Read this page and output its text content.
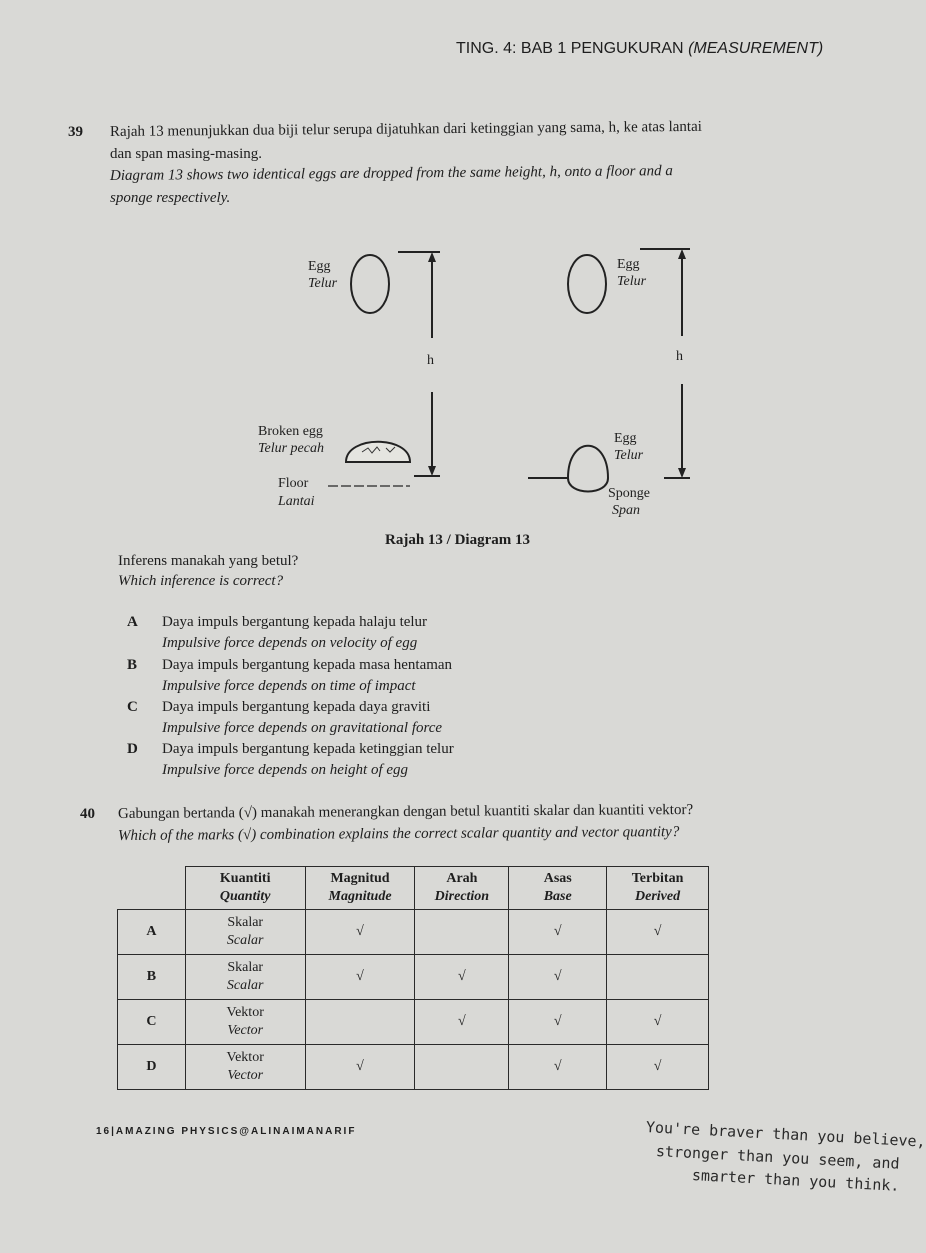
TING. 4: BAB 1 PENGUKURAN (MEASUREMENT)
39 Rajah 13 menunjukkan dua biji telur serupa dijatuhkan dari ketinggian yang sama, h, ke atas lantai
dan span masing-masing.
Diagram 13 shows two identical eggs are dropped from the same height, h, onto a floor and a
sponge respectively.
Egg
Telur
h
Broken egg
Telur pecah
Floor
Lantai
Egg
Telur
h
Egg
Telur
Sponge
Span
Rajah 13 / Diagram 13
Inferens manakah yang betul?
Which inference is correct?
A Daya impuls bergantung kepada halaju telur
Impulsive force depends on velocity of egg
B Daya impuls bergantung kepada masa hentaman
Impulsive force depends on time of impact
C Daya impuls bergantung kepada daya graviti
Impulsive force depends on gravitational force
D Daya impuls bergantung kepada ketinggian telur
Impulsive force depends on height of egg
40 Gabungan bertanda (√) manakah menerangkan dengan betul kuantiti skalar dan kuantiti vektor?
Which of the marks (√) combination explains the correct scalar quantity and vector quantity?
	Kuantiti
Quantity	Magnitud
Magnitude	Arah
Direction	Asas
Base	Terbitan
Derived
A	Skalar
Scalar	√		√	√
B	Skalar
Scalar	√	√	√	
C	Vektor
Vector		√	√	√
D	Vektor
Vector	√		√	√
16|AMAZING PHYSICS@ALINAIMANARIF	You're braver than you believe,
stronger than you seem, and
smarter than you think.
